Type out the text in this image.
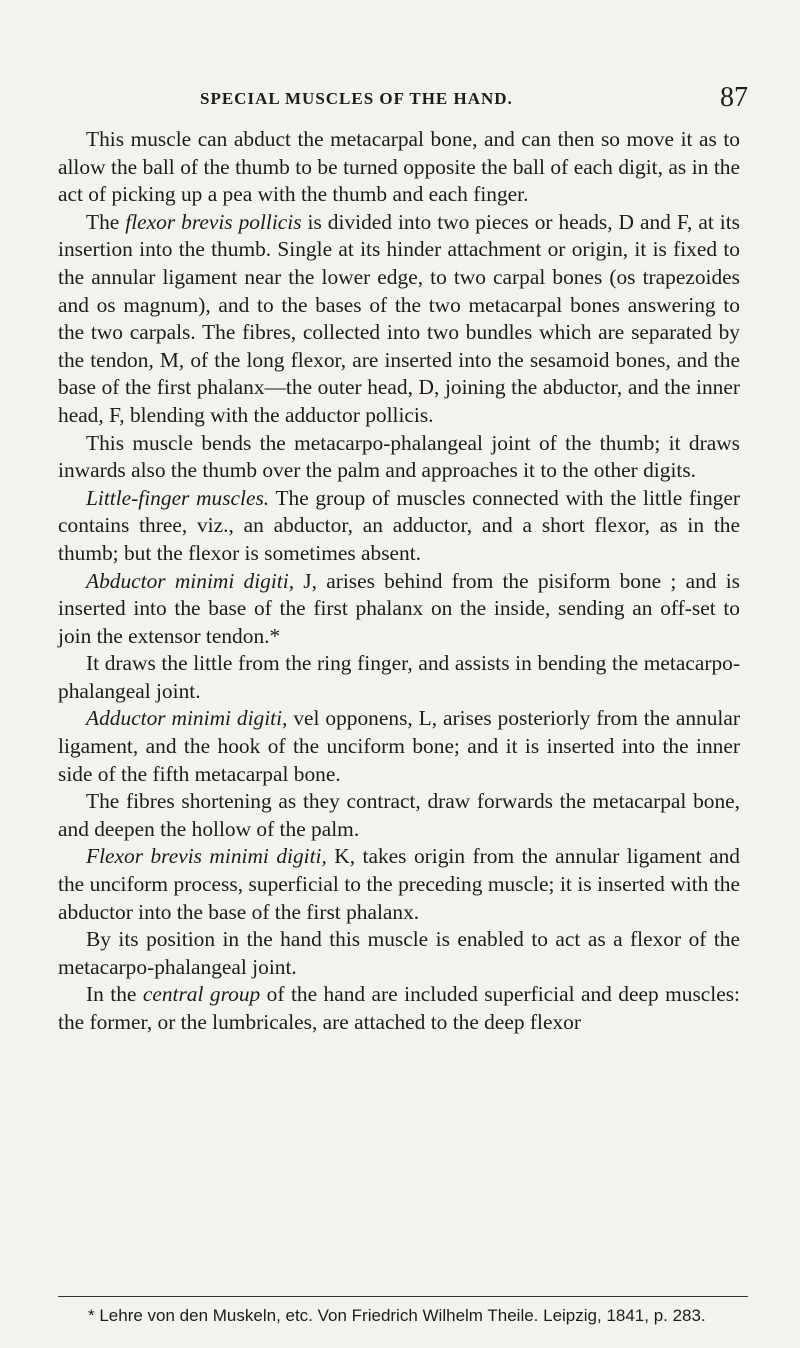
SPECIAL MUSCLES OF THE HAND.	87

This muscle can abduct the metacarpal bone, and can then so move it as to allow the ball of the thumb to be turned opposite the ball of each digit, as in the act of picking up a pea with the thumb and each finger.

The flexor brevis pollicis is divided into two pieces or heads, D and F, at its insertion into the thumb. Single at its hinder attachment or origin, it is fixed to the annular ligament near the lower edge, to two carpal bones (os trapezoides and os magnum), and to the bases of the two metacarpal bones answering to the two carpals. The fibres, collected into two bundles which are separated by the tendon, M, of the long flexor, are inserted into the sesamoid bones, and the base of the first phalanx—the outer head, D, joining the abductor, and the inner head, F, blending with the adductor pollicis.

This muscle bends the metacarpo-phalangeal joint of the thumb; it draws inwards also the thumb over the palm and approaches it to the other digits.

Little-finger muscles. The group of muscles connected with the little finger contains three, viz., an abductor, an adductor, and a short flexor, as in the thumb; but the flexor is sometimes absent.

Abductor minimi digiti, J, arises behind from the pisiform bone ; and is inserted into the base of the first phalanx on the inside, sending an off-set to join the extensor tendon.*

It draws the little from the ring finger, and assists in bending the metacarpo-phalangeal joint.

Adductor minimi digiti, vel opponens, L, arises posteriorly from the annular ligament, and the hook of the unciform bone; and it is inserted into the inner side of the fifth metacarpal bone.

The fibres shortening as they contract, draw forwards the metacarpal bone, and deepen the hollow of the palm.

Flexor brevis minimi digiti, K, takes origin from the annular ligament and the unciform process, superficial to the preceding muscle; it is inserted with the abductor into the base of the first phalanx.

By its position in the hand this muscle is enabled to act as a flexor of the metacarpo-phalangeal joint.

In the central group of the hand are included superficial and deep muscles: the former, or the lumbricales, are attached to the deep flexor

* Lehre von den Muskeln, etc. Von Friedrich Wilhelm Theile. Leipzig, 1841, p. 283.
